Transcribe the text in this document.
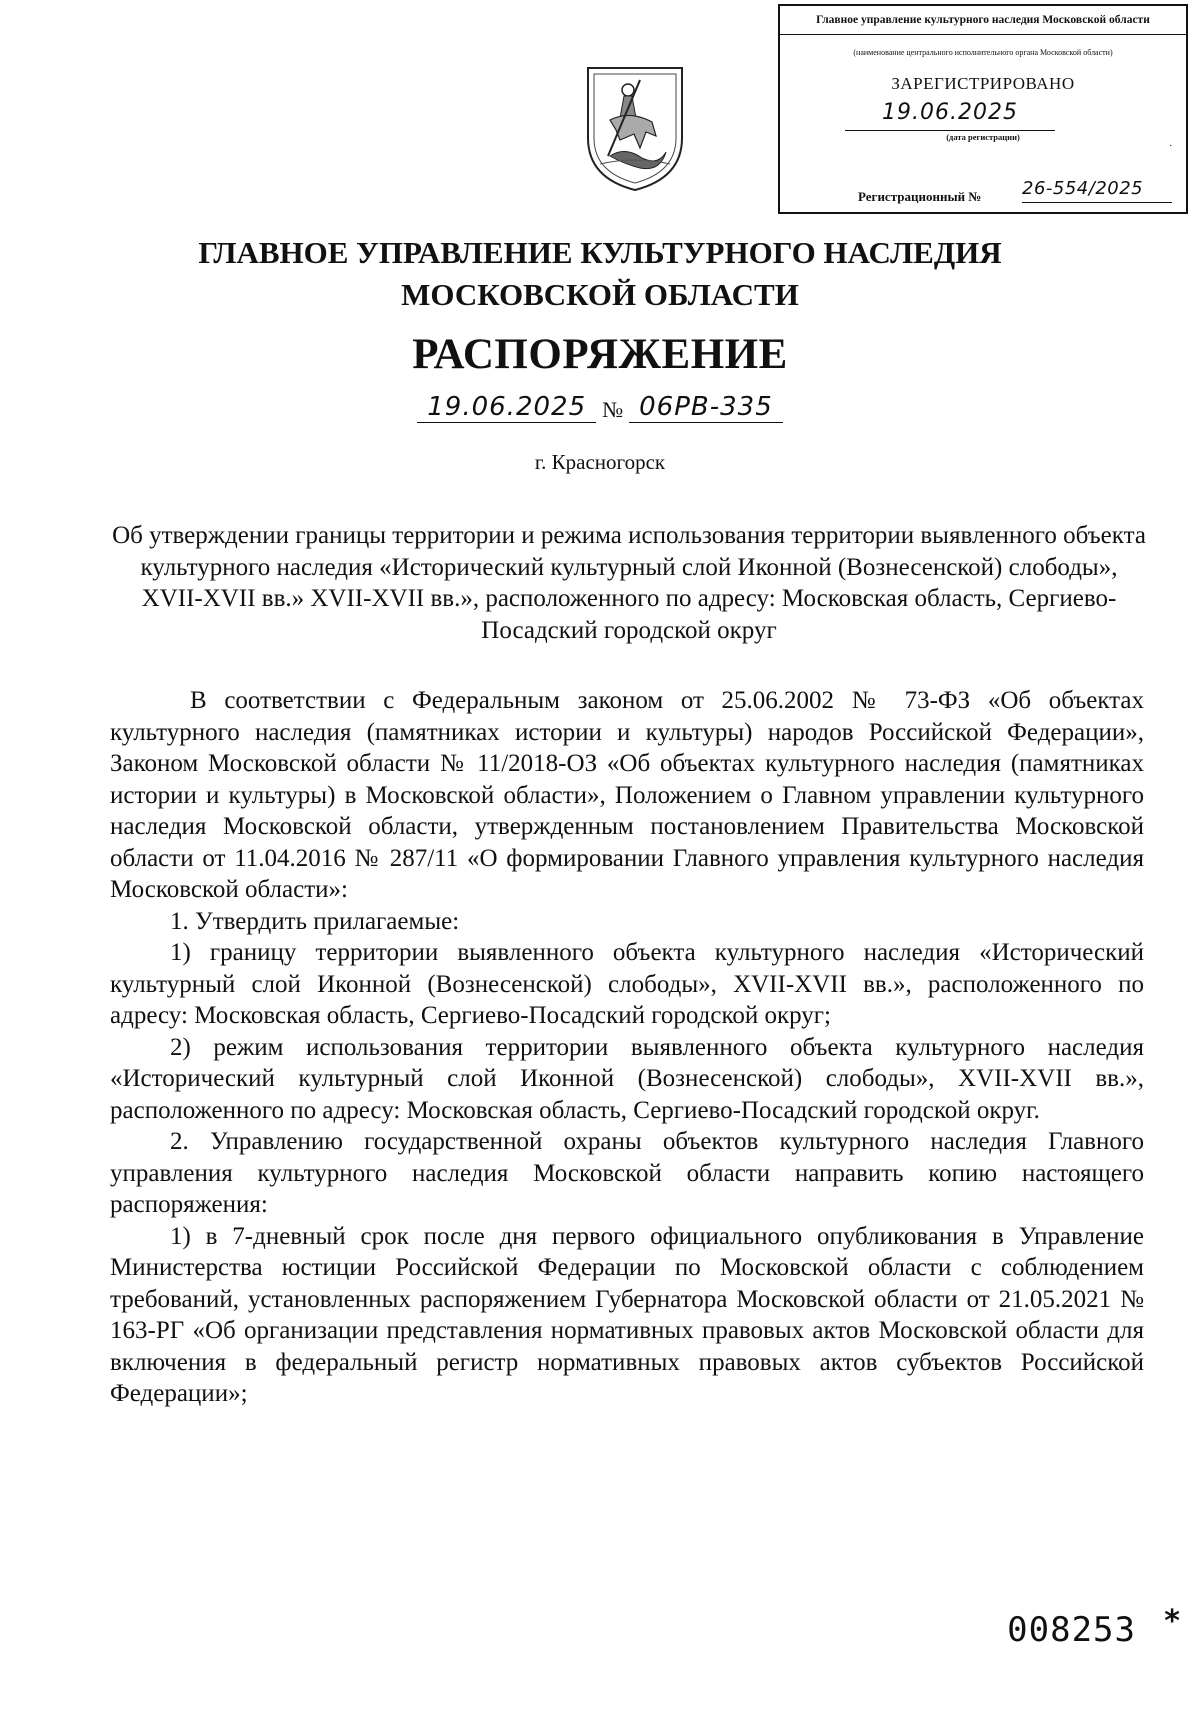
Главное управление культурного наследия Московской области
(наименование центрального исполнительного органа Московской области)
ЗАРЕГИСТРИРОВАНО
19.06.2025
(дата регистрации)
.
Регистрационный № 26-554/2025
ГЛАВНОЕ УПРАВЛЕНИЕ КУЛЬТУРНОГО НАСЛЕДИЯ
МОСКОВСКОЙ ОБЛАСТИ
РАСПОРЯЖЕНИЕ
19.06.2025 № 06РВ-335
г. Красногорск
Об утверждении границы территории и режима использования территории выявленного объекта культурного наследия «Исторический культурный слой Иконной (Вознесенской) слободы», XVII-XVII вв.» XVII-XVII вв.», расположенного по адресу: Московская область, Сергиево-Посадский городской округ

В соответствии с Федеральным законом от 25.06.2002 № 73-ФЗ «Об объектах культурного наследия (памятниках истории и культуры) народов Российской Федерации», Законом Московской области № 11/2018-ОЗ «Об объектах культурного наследия (памятниках истории и культуры) в Московской области», Положением о Главном управлении культурного наследия Московской области, утвержденным постановлением Правительства Московской области от 11.04.2016 № 287/11 «О формировании Главного управления культурного наследия Московской области»:

1. Утвердить прилагаемые:

1) границу территории выявленного объекта культурного наследия «Исторический культурный слой Иконной (Вознесенской) слободы», XVII-XVII вв.», расположенного по адресу: Московская область, Сергиево-Посадский городской округ;

2) режим использования территории выявленного объекта культурного наследия «Исторический культурный слой Иконной (Вознесенской) слободы», XVII-XVII вв.», расположенного по адресу: Московская область, Сергиево-Посадский городской округ.

2. Управлению государственной охраны объектов культурного наследия Главного управления культурного наследия Московской области направить копию настоящего распоряжения:

1) в 7-дневный срок после дня первого официального опубликования в Управление Министерства юстиции Российской Федерации по Московской области с соблюдением требований, установленных распоряжением Губернатора Московской области от 21.05.2021 № 163-РГ «Об организации представления нормативных правовых актов Московской области для включения в федеральный регистр нормативных правовых актов субъектов Российской Федерации»;

008253 *
